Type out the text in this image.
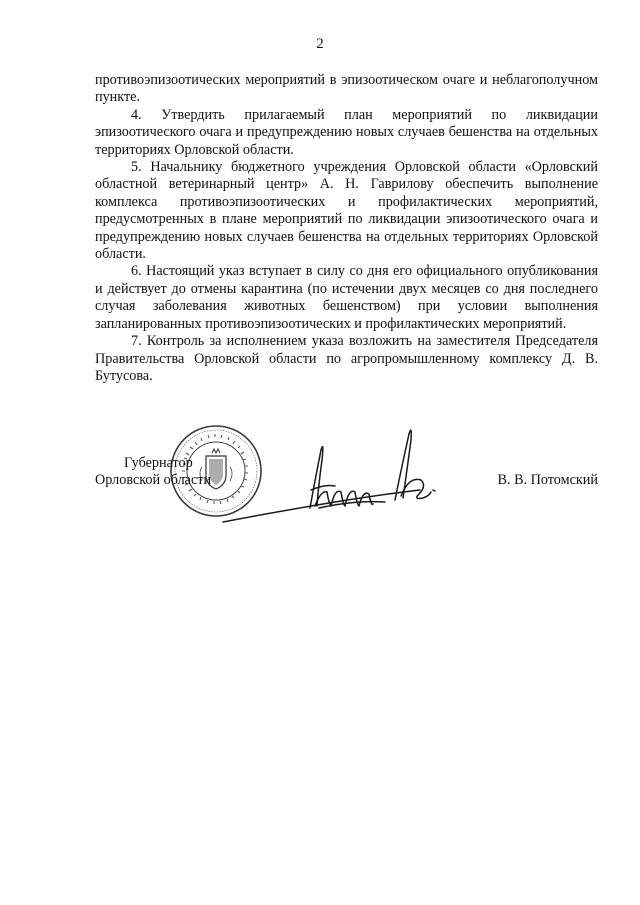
2

противоэпизоотических мероприятий в эпизоотическом очаге и неблагополучном пункте.

4. Утвердить прилагаемый план мероприятий по ликвидации эпизоотического очага и предупреждению новых случаев бешенства на отдельных территориях Орловской области.

5. Начальнику бюджетного учреждения Орловской области «Орловский областной ветеринарный центр» А. Н. Гаврилову обеспечить выполнение комплекса противоэпизоотических и профилактических мероприятий, предусмотренных в плане мероприятий по ликвидации эпизоотического очага и предупреждению новых случаев бешенства на отдельных территориях Орловской области.

6. Настоящий указ вступает в силу со дня его официального опубликования и действует до отмены карантина (по истечении двух месяцев со дня последнего случая заболевания животных бешенством) при условии выполнения запланированных противоэпизоотических и профилактических мероприятий.

7. Контроль за исполнением указа возложить на заместителя Председателя Правительства Орловской области по агропромышленному комплексу Д. В. Бутусова.

Губернатор
Орловской области	В. В. Потомский
